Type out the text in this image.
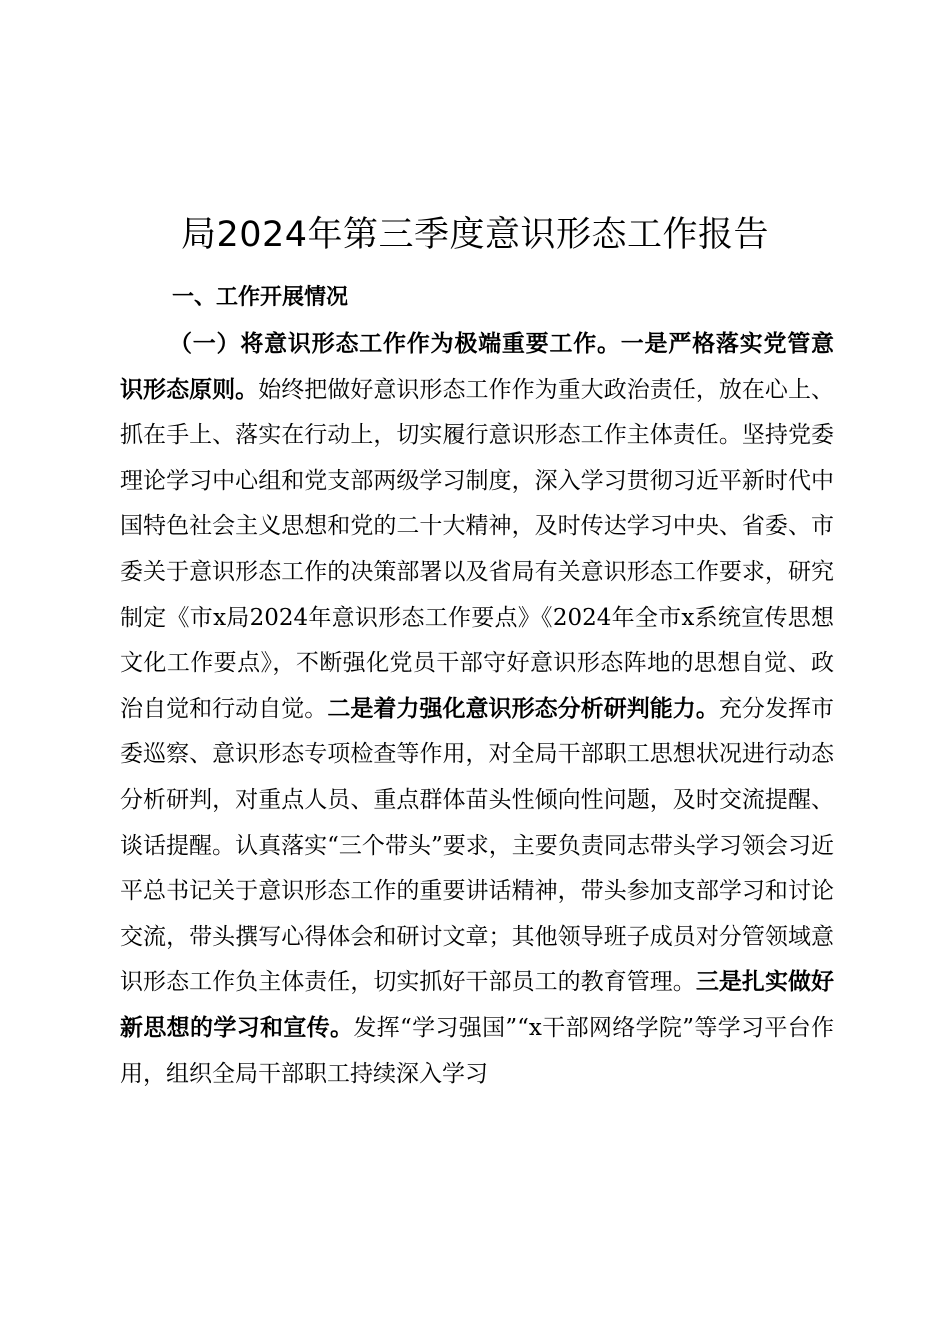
局2024年第三季度意识形态工作报告
一、工作开展情况
（一）将意识形态工作作为极端重要工作。一是严格落实党管意识形态原则。始终把做好意识形态工作作为重大政治责任，放在心上、抓在手上、落实在行动上，切实履行意识形态工作主体责任。坚持党委理论学习中心组和党支部两级学习制度，深入学习贯彻习近平新时代中国特色社会主义思想和党的二十大精神，及时传达学习中央、省委、市委关于意识形态工作的决策部署以及省局有关意识形态工作要求，研究制定《市x局2024年意识形态工作要点》《2024年全市x系统宣传思想文化工作要点》，不断强化党员干部守好意识形态阵地的思想自觉、政治自觉和行动自觉。二是着力强化意识形态分析研判能力。充分发挥市委巡察、意识形态专项检查等作用，对全局干部职工思想状况进行动态分析研判，对重点人员、重点群体苗头性倾向性问题，及时交流提醒、谈话提醒。认真落实“三个带头”要求，主要负责同志带头学习领会习近平总书记关于意识形态工作的重要讲话精神，带头参加支部学习和讨论交流，带头撰写心得体会和研讨文章；其他领导班子成员对分管领域意识形态工作负主体责任，切实抓好干部员工的教育管理。三是扎实做好新思想的学习和宣传。发挥“学习强国”“x干部网络学院”等学习平台作用，组织全局干部职工持续深入学习
